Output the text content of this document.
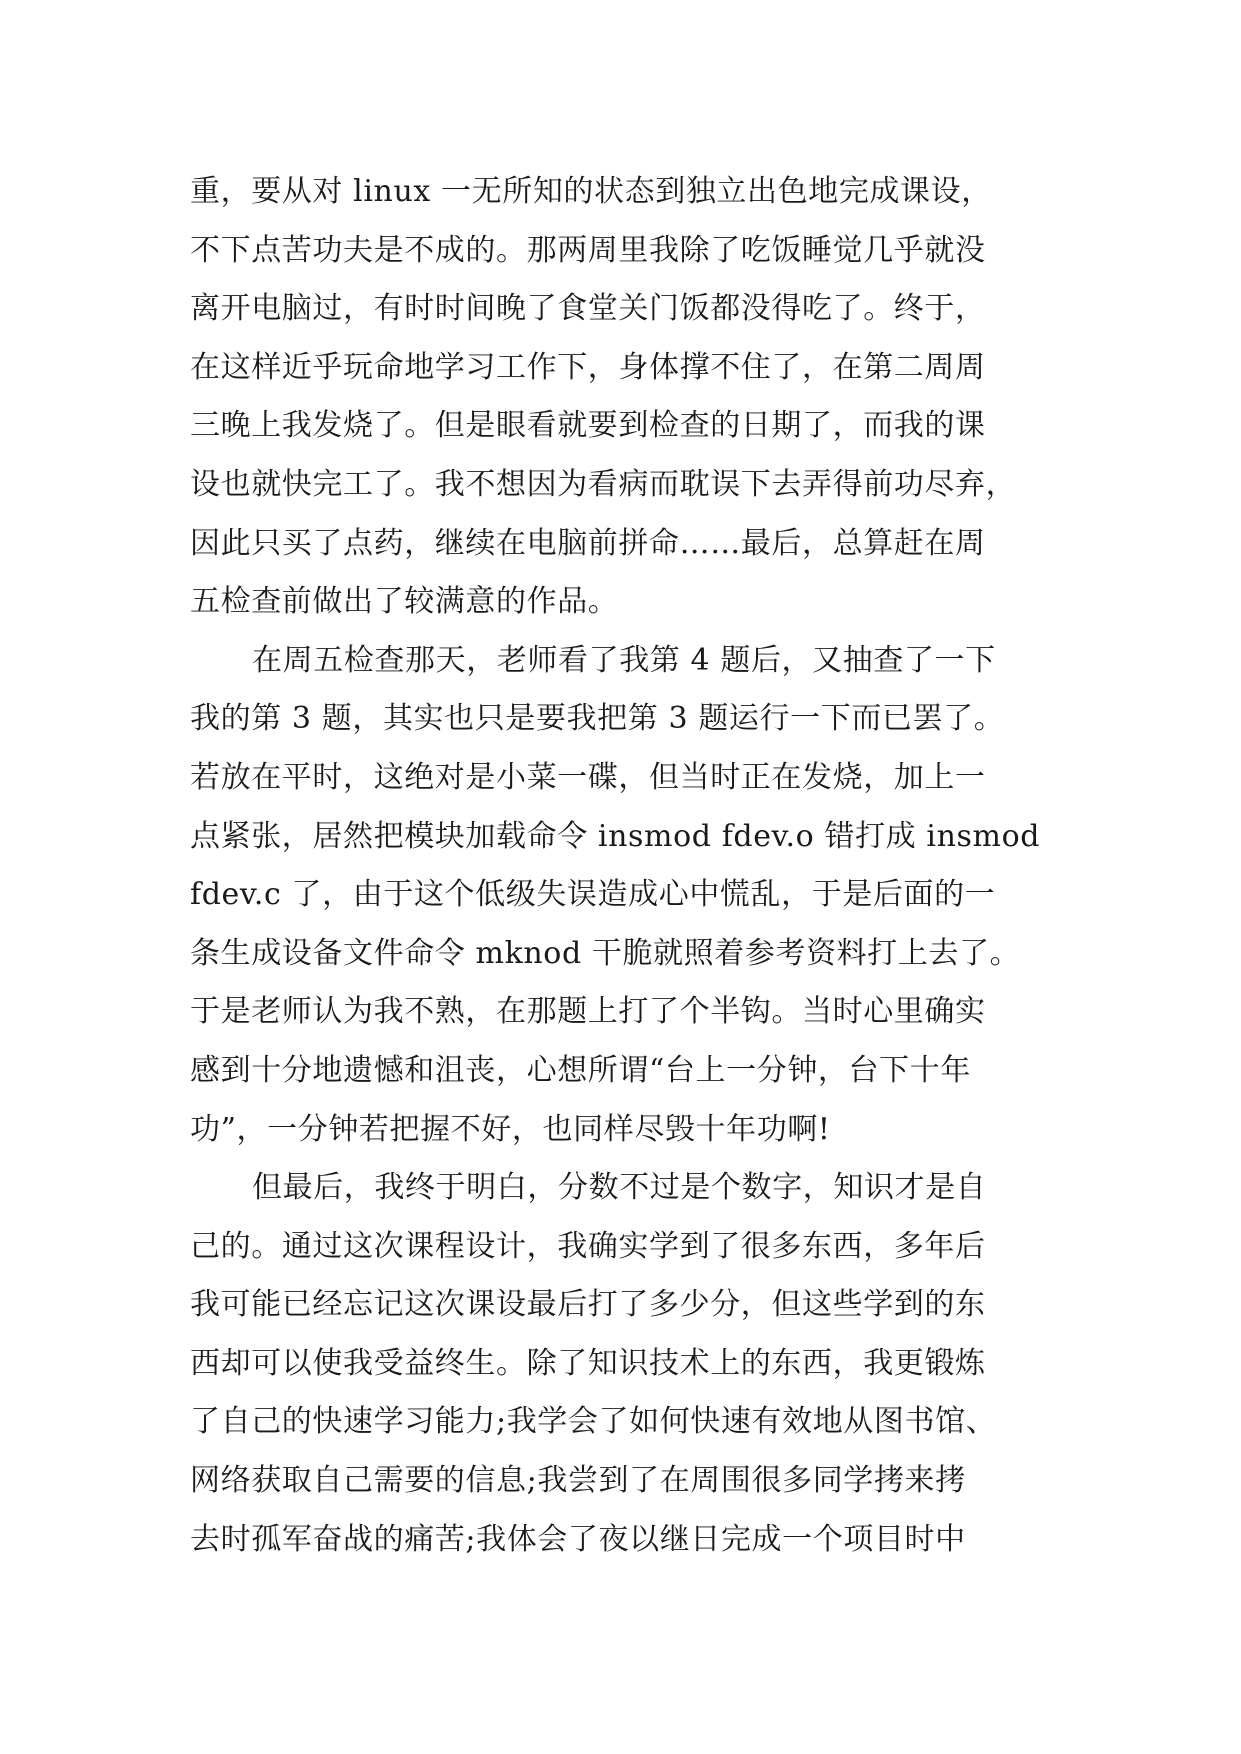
重，要从对 linux 一无所知的状态到独立出色地完成课设，
不下点苦功夫是不成的。那两周里我除了吃饭睡觉几乎就没
离开电脑过，有时时间晚了食堂关门饭都没得吃了。终于，
在这样近乎玩命地学习工作下，身体撑不住了，在第二周周
三晚上我发烧了。但是眼看就要到检查的日期了，而我的课
设也就快完工了。我不想因为看病而耽误下去弄得前功尽弃，
因此只买了点药，继续在电脑前拼命……最后，总算赶在周
五检查前做出了较满意的作品。
在周五检查那天，老师看了我第 4 题后，又抽查了一下
我的第 3 题，其实也只是要我把第 3 题运行一下而已罢了。
若放在平时，这绝对是小菜一碟，但当时正在发烧，加上一
点紧张，居然把模块加载命令 insmod fdev.o 错打成 insmod
fdev.c 了，由于这个低级失误造成心中慌乱，于是后面的一
条生成设备文件命令 mknod 干脆就照着参考资料打上去了。
于是老师认为我不熟，在那题上打了个半钩。当时心里确实
感到十分地遗憾和沮丧，心想所谓“台上一分钟，台下十年
功”，一分钟若把握不好，也同样尽毁十年功啊!
但最后，我终于明白，分数不过是个数字，知识才是自
己的。通过这次课程设计，我确实学到了很多东西，多年后
我可能已经忘记这次课设最后打了多少分，但这些学到的东
西却可以使我受益终生。除了知识技术上的东西，我更锻炼
了自己的快速学习能力;我学会了如何快速有效地从图书馆、
网络获取自己需要的信息;我尝到了在周围很多同学拷来拷
去时孤军奋战的痛苦;我体会了夜以继日完成一个项目时中
